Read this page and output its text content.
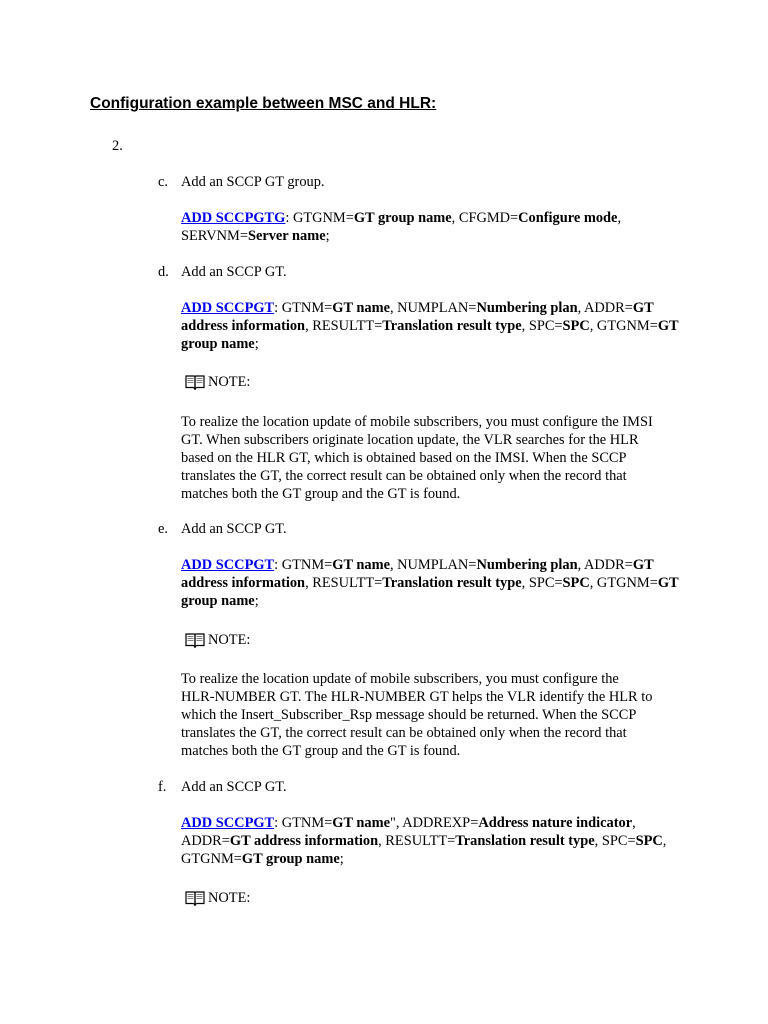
Configuration example between MSC and HLR:
2.
c. Add an SCCP GT group.
ADD SCCPGTG: GTGNM=GT group name, CFGMD=Configure mode, SERVNM=Server name;
d. Add an SCCP GT.
ADD SCCPGT: GTNM=GT name, NUMPLAN=Numbering plan, ADDR=GT address information, RESULTT=Translation result type, SPC=SPC, GTGNM=GT group name;
NOTE:
To realize the location update of mobile subscribers, you must configure the IMSI
GT. When subscribers originate location update, the VLR searches for the HLR
based on the HLR GT, which is obtained based on the IMSI. When the SCCP
translates the GT, the correct result can be obtained only when the record that
matches both the GT group and the GT is found.
e. Add an SCCP GT.
ADD SCCPGT: GTNM=GT name, NUMPLAN=Numbering plan, ADDR=GT address information, RESULTT=Translation result type, SPC=SPC, GTGNM=GT group name;
NOTE:
To realize the location update of mobile subscribers, you must configure the
HLR-NUMBER GT. The HLR-NUMBER GT helps the VLR identify the HLR to
which the Insert_Subscriber_Rsp message should be returned. When the SCCP
translates the GT, the correct result can be obtained only when the record that
matches both the GT group and the GT is found.
f. Add an SCCP GT.
ADD SCCPGT: GTNM=GT name", ADDREXP=Address nature indicator, ADDR=GT address information, RESULTT=Translation result type, SPC=SPC, GTGNM=GT group name;
NOTE:
